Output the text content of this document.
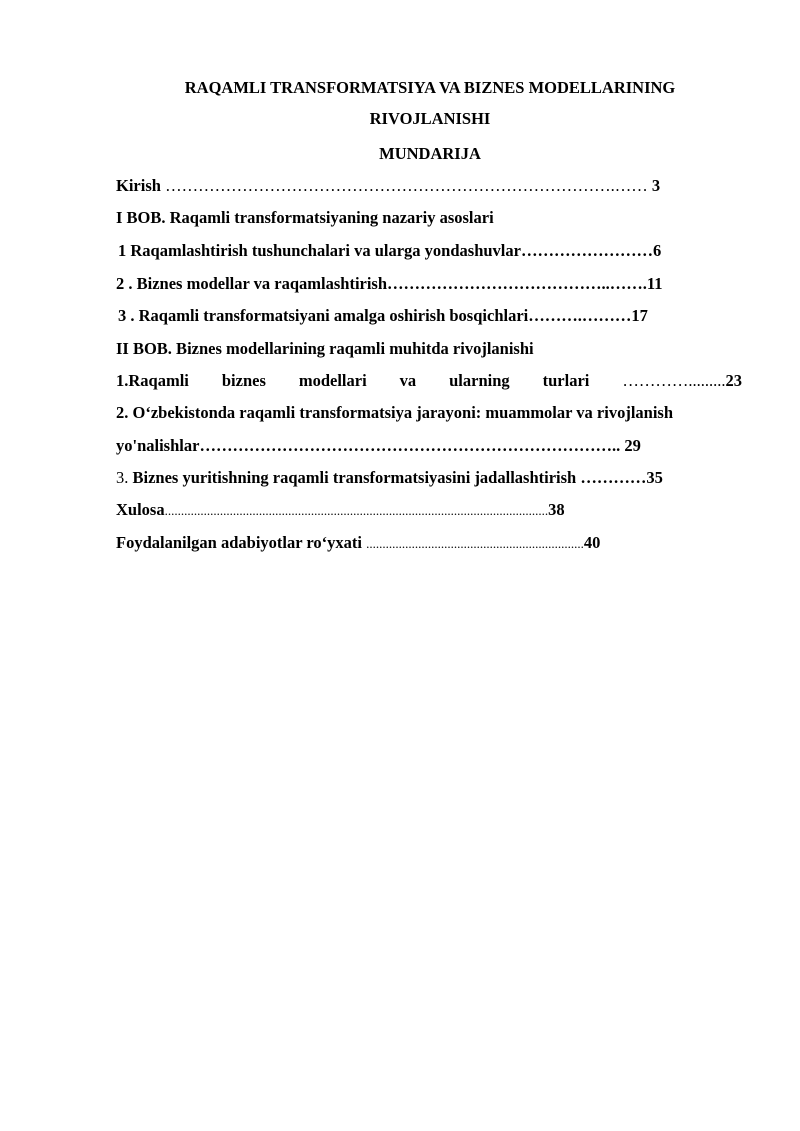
RAQAMLI TRANSFORMATSIYA VA BIZNES MODELLARINING
RIVOJLANISHI
MUNDARIJA
Kirish ……………………………………………………………………….…… 3
I BOB. Raqamli transformatsiyaning nazariy asoslari
1 Raqamlashtirish tushunchalari va ularga yondashuvlar……………………6
2 . Biznes modellar va raqamlashtirish…………………………………..…….11
3 . Raqamli transformatsiyani amalga oshirish bosqichlari……….………17
II BOB. Biznes modellarining raqamli muhitda rivojlanishi
1.Raqamli biznes modellari va ularning turlari ………….........23
2. O‘zbekistonda raqamli transformatsiya jarayoni: muammolar va rivojlanish
yo'nalishlar………………………………………………………………….. 29
3. Biznes yuritishning raqamli transformatsiyasini jadallashtirish …………35
Xulosa......................................................................................................................38
Foydalanilgan adabiyotlar ro‘yxati ...................................................................40
